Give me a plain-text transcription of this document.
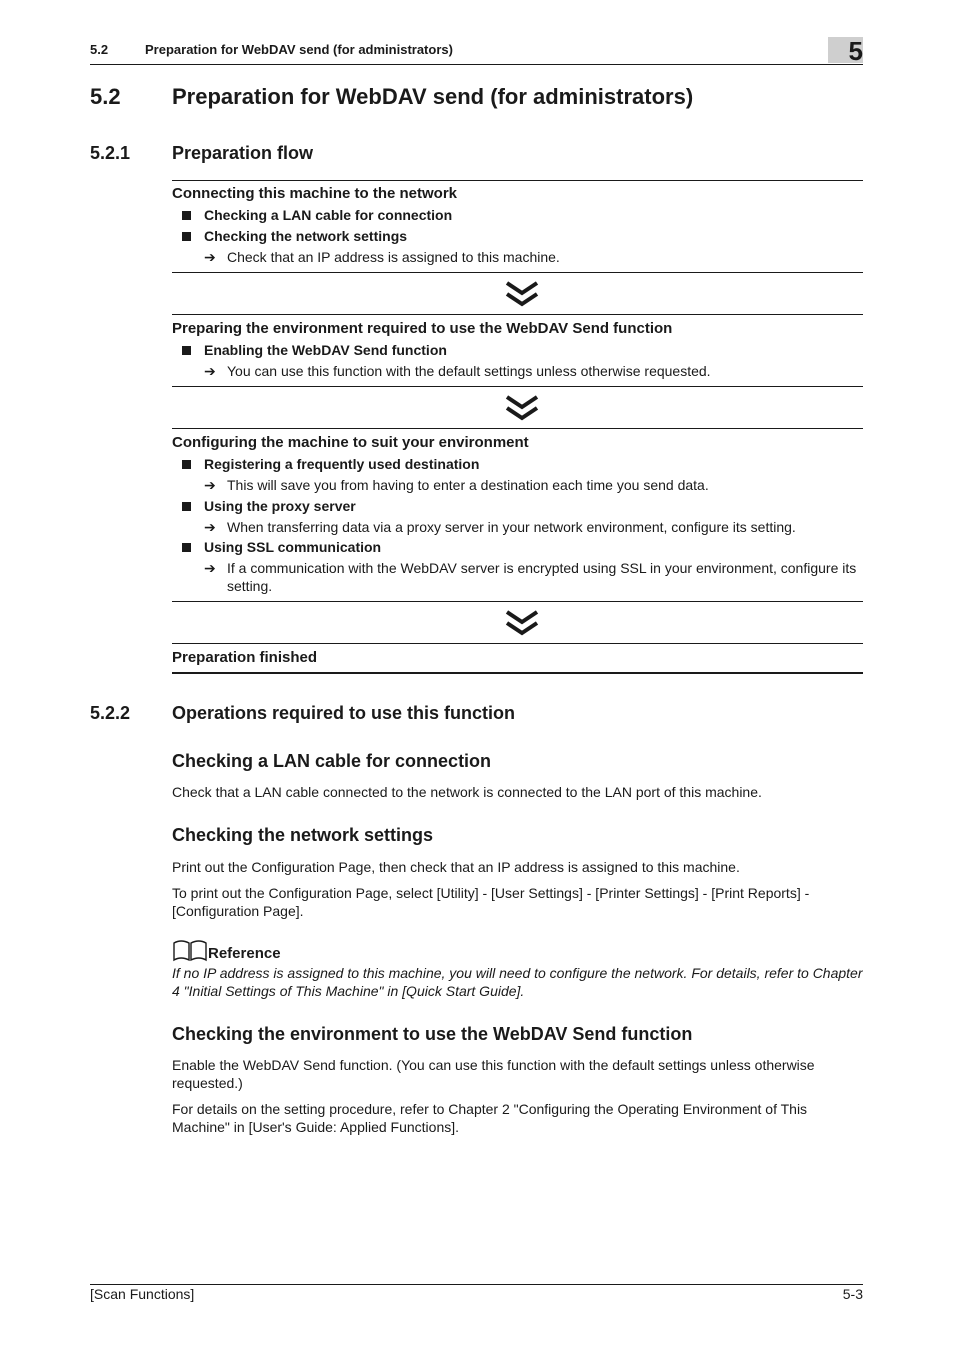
5.2	Preparation for WebDAV send (for administrators)	5
5.2 Preparation for WebDAV send (for administrators)
5.2.1 Preparation flow
Connecting this machine to the network
Checking a LAN cable for connection
Checking the network settings
➔ Check that an IP address is assigned to this machine.
Preparing the environment required to use the WebDAV Send function
Enabling the WebDAV Send function
➔ You can use this function with the default settings unless otherwise requested.
Configuring the machine to suit your environment
Registering a frequently used destination
➔ This will save you from having to enter a destination each time you send data.
Using the proxy server
➔ When transferring data via a proxy server in your network environment, configure its setting.
Using SSL communication
➔ If a communication with the WebDAV server is encrypted using SSL in your environment, configure its setting.
Preparation finished
5.2.2 Operations required to use this function
Checking a LAN cable for connection
Check that a LAN cable connected to the network is connected to the LAN port of this machine.
Checking the network settings
Print out the Configuration Page, then check that an IP address is assigned to this machine.
To print out the Configuration Page, select [Utility] - [User Settings] - [Printer Settings] - [Print Reports] - [Configuration Page].
Reference
If no IP address is assigned to this machine, you will need to configure the network. For details, refer to Chapter 4 "Initial Settings of This Machine" in [Quick Start Guide].
Checking the environment to use the WebDAV Send function
Enable the WebDAV Send function. (You can use this function with the default settings unless otherwise requested.)
For details on the setting procedure, refer to Chapter 2 "Configuring the Operating Environment of This Machine" in [User's Guide: Applied Functions].
[Scan Functions]	5-3
